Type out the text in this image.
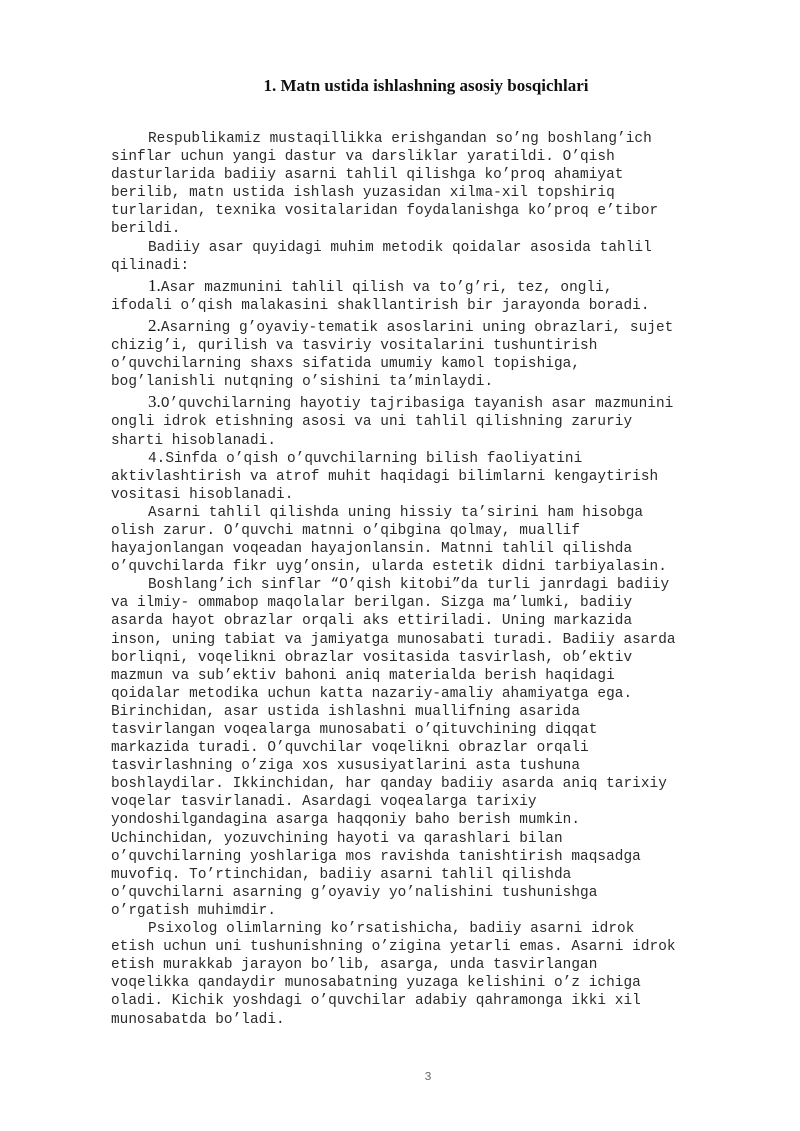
1. Matn ustida ishlashning asosiy bosqichlari

Respublikamiz mustaqillikka erishgandan so’ng boshlang’ich
sinflar uchun yangi dastur va darsliklar yaratildi. O’qish
dasturlarida badiiy asarni tahlil qilishga ko’proq ahamiyat
berilib, matn ustida ishlash yuzasidan xilma-xil topshiriq
turlaridan, texnika vositalaridan foydalanishga ko’proq e’tibor
berildi.

Badiiy asar quyidagi muhim metodik qoidalar asosida tahlil
qilinadi:

1.Asar mazmunini tahlil qilish va to’g’ri, tez, ongli,
ifodali o’qish malakasini shakllantirish bir jarayonda boradi.

2.Asarning g’oyaviy-tematik asoslarini uning obrazlari, sujet
chizig’i, qurilish va tasviriy vositalarini tushuntirish
o’quvchilarning shaxs sifatida umumiy kamol topishiga,
bog’lanishli nutqning o’sishini ta’minlaydi.

3.O’quvchilarning hayotiy tajribasiga tayanish asar mazmunini
ongli idrok etishning asosi va uni tahlil qilishning zaruriy
sharti hisoblanadi.

4.Sinfda o’qish o’quvchilarning bilish faoliyatini
aktivlashtirish va atrof muhit haqidagi bilimlarni kengaytirish
vositasi hisoblanadi.

Asarni tahlil qilishda uning hissiy ta’sirini ham hisobga
olish zarur. O’quvchi matnni o’qibgina qolmay, muallif
hayajonlangan voqeadan hayajonlansin. Matnni tahlil qilishda
o’quvchilarda fikr uyg’onsin, ularda estetik didni tarbiyalasin.

Boshlang’ich sinflar “O’qish kitobi”da turli janrdagi badiiy
va ilmiy- ommabop maqolalar berilgan. Sizga ma’lumki, badiiy
asarda hayot obrazlar orqali aks ettiriladi. Uning markazida
inson, uning tabiat va jamiyatga munosabati turadi. Badiiy asarda
borliqni, voqelikni obrazlar vositasida tasvirlash, ob’ektiv
mazmun va sub’ektiv bahoni aniq materialda berish haqidagi
qoidalar metodika uchun katta nazariy-amaliy ahamiyatga ega.
Birinchidan, asar ustida ishlashni muallifning asarida
tasvirlangan voqealarga munosabati o’qituvchining diqqat
markazida turadi. O’quvchilar voqelikni obrazlar orqali
tasvirlashning o’ziga xos xususiyatlarini asta tushuna
boshlaydilar. Ikkinchidan, har qanday badiiy asarda aniq tarixiy
voqelar tasvirlanadi. Asardagi voqealarga tarixiy
yondoshilgandagina asarga haqqoniy baho berish mumkin.
Uchinchidan, yozuvchining hayoti va qarashlari bilan
o’quvchilarning yoshlariga mos ravishda tanishtirish maqsadga
muvofiq. To’rtinchidan, badiiy asarni tahlil qilishda
o’quvchilarni asarning g’oyaviy yo’nalishini tushunishga
o’rgatish muhimdir.

Psixolog olimlarning ko’rsatishicha, badiiy asarni idrok
etish uchun uni tushunishning o’zigina yetarli emas. Asarni idrok
etish murakkab jarayon bo’lib, asarga, unda tasvirlangan
voqelikka qandaydir munosabatning yuzaga kelishini o’z ichiga
oladi. Kichik yoshdagi o’quvchilar adabiy qahramonga ikki xil
munosabatda bo’ladi.

3
